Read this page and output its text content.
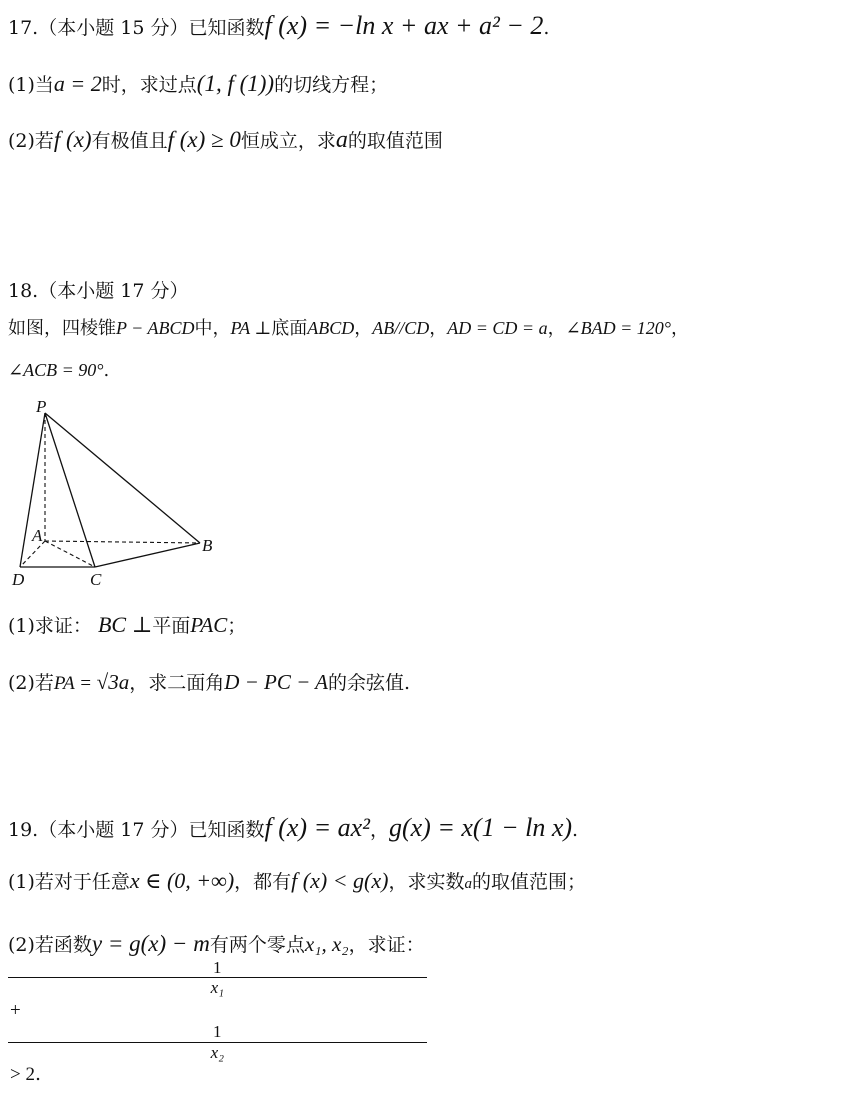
17.（本小题 15 分）已知函数f (x) = −ln x + ax + a² − 2.
(1)当a = 2时，求过点(1, f (1))的切线方程；
(2)若f (x)有极值且f (x) ≥ 0恒成立，求a的取值范围
18.（本小题 17 分）
如图，四棱锥P − ABCD中，PA ⊥底面ABCD，AB//CD，AD = CD = a，∠BAD = 120°，
∠ACB = 90°.
P
A
B
C
D
(1)求证： BC ⊥平面PAC；
(2)若PA = √3a，求二面角D − PC − A的余弦值.
19.（本小题 17 分）已知函数f (x) = ax²，g(x) = x(1 − ln x).
(1)若对于任意x ∈ (0, +∞)，都有f (x) < g(x)，求实数a的取值范围；
(2)若函数y = g(x) − m有两个零点x₁, x₂，求证：
1
x₁
+
1
x₂
> 2.
